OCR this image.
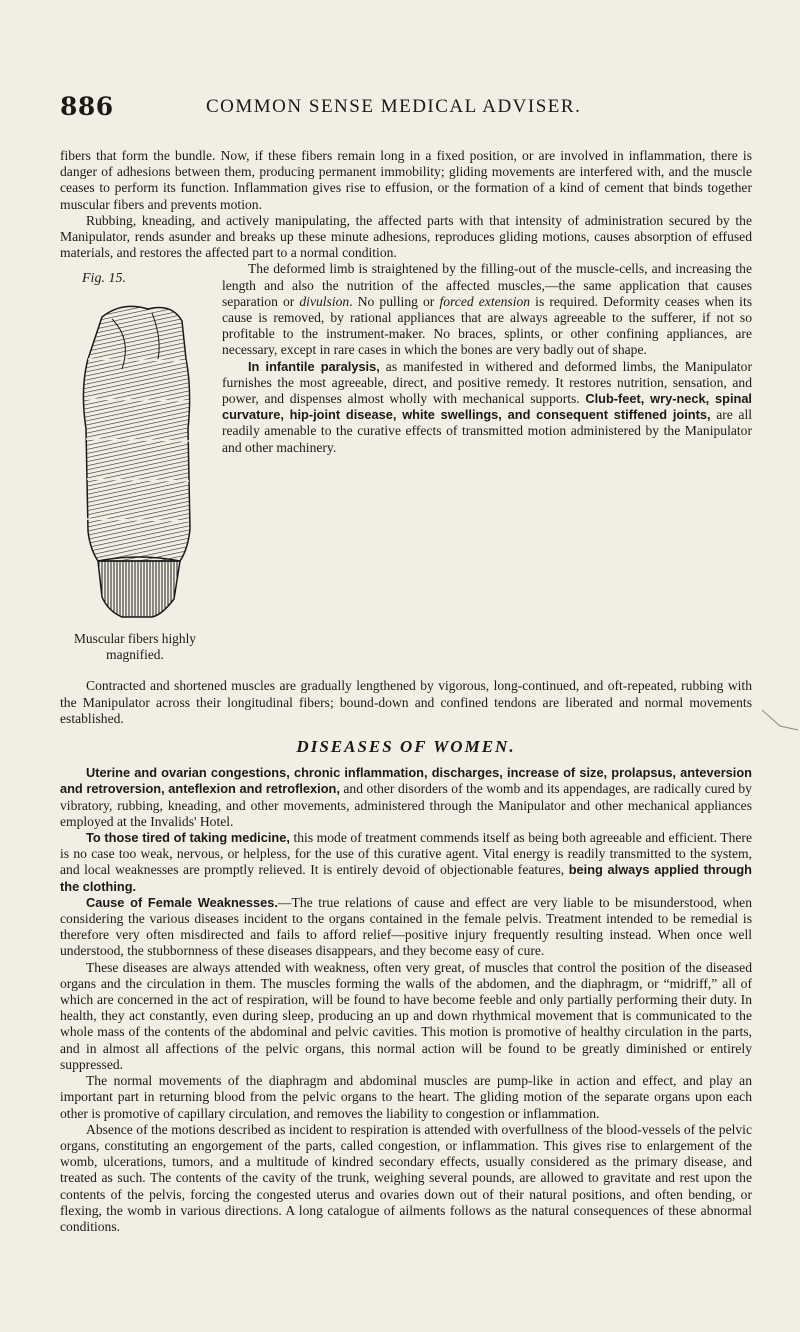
886	COMMON SENSE MEDICAL ADVISER.

fibers that form the bundle. Now, if these fibers remain long in a fixed position, or are involved in inflammation, there is danger of adhesions between them, producing permanent immobility; gliding movements are interfered with, and the muscle ceases to perform its function. Inflammation gives rise to effusion, or the formation of a kind of cement that binds together muscular fibers and prevents motion.

Rubbing, kneading, and actively manipulating, the affected parts with that intensity of administration secured by the Manipulator, rends asunder and breaks up these minute adhesions, reproduces gliding motions, causes absorption of effused materials, and restores the affected part to a normal condition.

Fig. 15.
Muscular fibers highly magnified.

The deformed limb is straightened by the filling-out of the muscle-cells, and increasing the length and also the nutrition of the affected muscles,—the same application that causes separation or divulsion. No pulling or forced extension is required. Deformity ceases when its cause is removed, by rational appliances that are always agreeable to the sufferer, if not so profitable to the instrument-maker. No braces, splints, or other confining appliances, are necessary, except in rare cases in which the bones are very badly out of shape.

In infantile paralysis, as manifested in withered and deformed limbs, the Manipulator furnishes the most agreeable, direct, and positive remedy. It restores nutrition, sensation, and power, and dispenses almost wholly with mechanical supports. Club-feet, wry-neck, spinal curvature, hip-joint disease, white swellings, and consequent stiffened joints, are all readily amenable to the curative effects of transmitted motion administered by the Manipulator and other machinery.

Contracted and shortened muscles are gradually lengthened by vigorous, long-continued, and oft-repeated, rubbing with the Manipulator across their longitudinal fibers; bound-down and confined tendons are liberated and normal movements established.

DISEASES OF WOMEN.

Uterine and ovarian congestions, chronic inflammation, discharges, increase of size, prolapsus, anteversion and retroversion, anteflexion and retroflexion, and other disorders of the womb and its appendages, are radically cured by vibratory, rubbing, kneading, and other movements, administered through the Manipulator and other mechanical appliances employed at the Invalids' Hotel.

To those tired of taking medicine, this mode of treatment commends itself as being both agreeable and efficient. There is no case too weak, nervous, or helpless, for the use of this curative agent. Vital energy is readily transmitted to the system, and local weaknesses are promptly relieved. It is entirely devoid of objectionable features, being always applied through the clothing.

Cause of Female Weaknesses.—The true relations of cause and effect are very liable to be misunderstood, when considering the various diseases incident to the organs contained in the female pelvis. Treatment intended to be remedial is therefore very often misdirected and fails to afford relief—positive injury frequently resulting instead. When once well understood, the stubbornness of these diseases disappears, and they become easy of cure.

These diseases are always attended with weakness, often very great, of muscles that control the position of the diseased organs and the circulation in them. The muscles forming the walls of the abdomen, and the diaphragm, or “midriff,” all of which are concerned in the act of respiration, will be found to have become feeble and only partially performing their duty. In health, they act constantly, even during sleep, producing an up and down rhythmical movement that is communicated to the whole mass of the contents of the abdominal and pelvic cavities. This motion is promotive of healthy circulation in the parts, and in almost all affections of the pelvic organs, this normal action will be found to be greatly diminished or entirely suppressed.

The normal movements of the diaphragm and abdominal muscles are pump-like in action and effect, and play an important part in returning blood from the pelvic organs to the heart. The gliding motion of the separate organs upon each other is promotive of capillary circulation, and removes the liability to congestion or inflammation.

Absence of the motions described as incident to respiration is attended with overfullness of the blood-vessels of the pelvic organs, constituting an engorgement of the parts, called congestion, or inflammation. This gives rise to enlargement of the womb, ulcerations, tumors, and a multitude of kindred secondary effects, usually considered as the primary disease, and treated as such. The contents of the cavity of the trunk, weighing several pounds, are allowed to gravitate and rest upon the contents of the pelvis, forcing the congested uterus and ovaries down out of their natural positions, and often bending, or flexing, the womb in various directions. A long catalogue of ailments follows as the natural consequences of these abnormal conditions.
